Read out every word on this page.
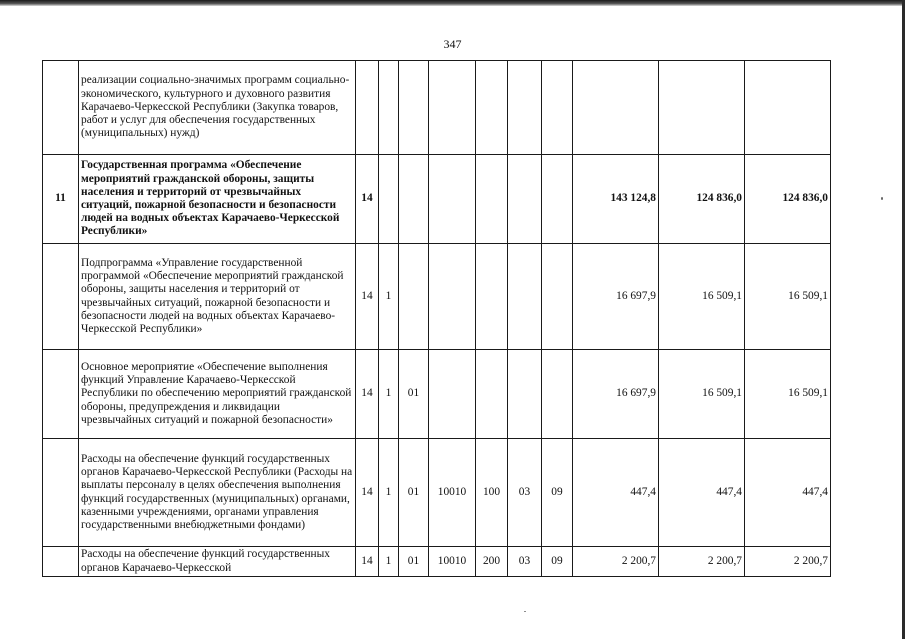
347
	реализации социально-значимых программ социально-экономического, культурного и духовного развития Карачаево-Черкесской Республики (Закупка товаров, работ и услуг для обеспечения государственных (муниципальных) нужд)										
11	Государственная программа «Обеспечение мероприятий гражданской обороны, защиты населения и территорий от чрезвычайных ситуаций, пожарной безопасности и безопасности людей на водных объектах Карачаево-Черкесской Республики»	14							143 124,8	124 836,0	124 836,0
	Подпрограмма «Управление государственной программой «Обеспечение мероприятий гражданской обороны, защиты населения и территорий от чрезвычайных ситуаций, пожарной безопасности и безопасности людей на водных объектах Карачаево-Черкесской Республики»	14	1						16 697,9	16 509,1	16 509,1
	Основное мероприятие «Обеспечение выполнения функций Управление Карачаево-Черкесской Республики по обеспечению мероприятий гражданской обороны, предупреждения и ликвидации чрезвычайных ситуаций и пожарной безопасности»	14	1	01					16 697,9	16 509,1	16 509,1
	Расходы на обеспечение функций государственных органов Карачаево-Черкесской Республики (Расходы на выплаты персоналу в целях обеспечения выполнения функций государственных (муниципальных) органами, казенными учреждениями, органами управления государственными внебюджетными фондами)	14	1	01	10010	100	03	09	447,4	447,4	447,4
	Расходы на обеспечение функций государственных органов Карачаево-Черкесской	14	1	01	10010	200	03	09	2 200,7	2 200,7	2 200,7
